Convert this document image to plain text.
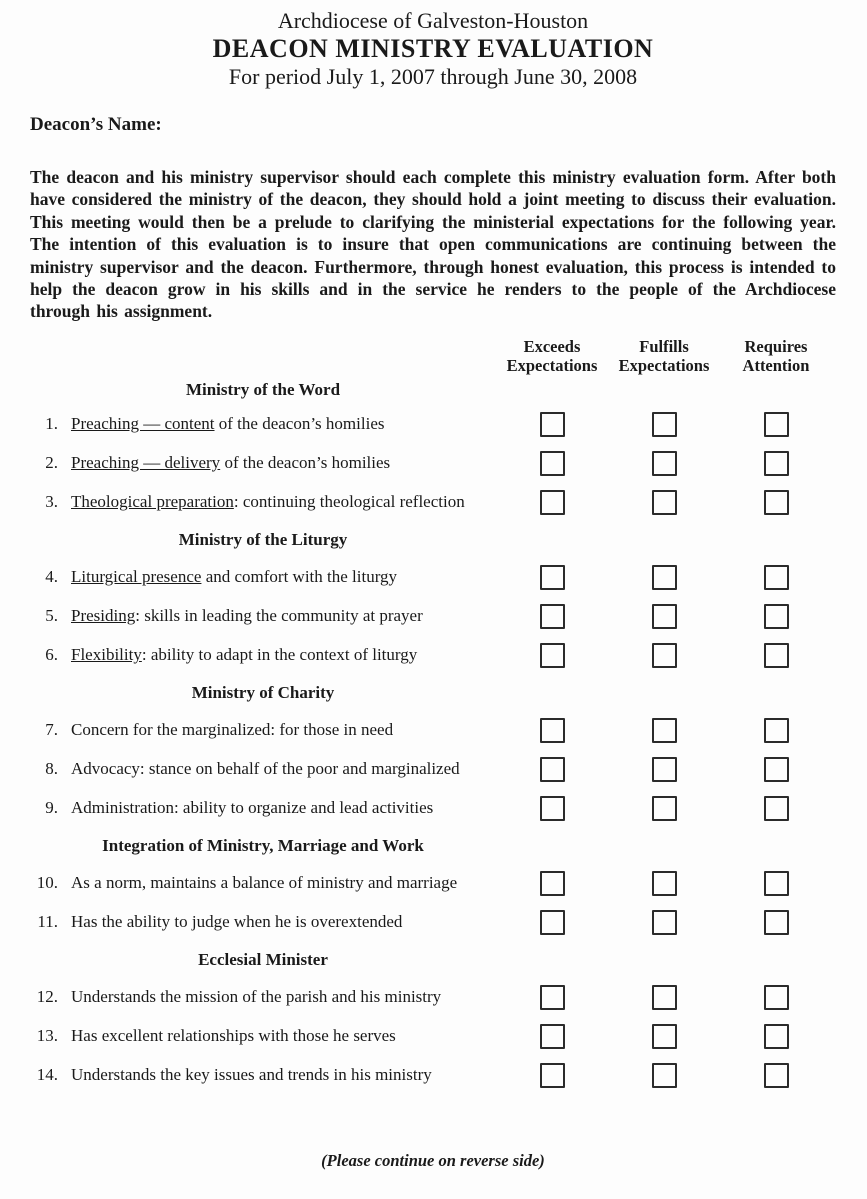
Archdiocese of Galveston-Houston
DEACON MINISTRY EVALUATION
For period July 1, 2007 through June 30, 2008
Deacon’s Name:

The deacon and his ministry supervisor should each complete this ministry evaluation form. After both have considered the ministry of the deacon, they should hold a joint meeting to discuss their evaluation. This meeting would then be a prelude to clarifying the ministerial expectations for the following year. The intention of this evaluation is to insure that open communications are continuing between the ministry supervisor and the deacon. Furthermore, through honest evaluation, this process is intended to help the deacon grow in his skills and in the service he renders to the people of the Archdiocese through his assignment.

Exceeds
Expectations
Fulfills
Expectations
Requires
Attention
Ministry of the Word
1. Preaching — content of the deacon’s homilies
2. Preaching — delivery of the deacon’s homilies
3. Theological preparation: continuing theological reflection
Ministry of the Liturgy
4. Liturgical presence and comfort with the liturgy
5. Presiding: skills in leading the community at prayer
6. Flexibility: ability to adapt in the context of liturgy
Ministry of Charity
7. Concern for the marginalized: for those in need
8. Advocacy: stance on behalf of the poor and marginalized
9. Administration: ability to organize and lead activities
Integration of Ministry, Marriage and Work
10. As a norm, maintains a balance of ministry and marriage
11. Has the ability to judge when he is overextended
Ecclesial Minister
12. Understands the mission of the parish and his ministry
13. Has excellent relationships with those he serves
14. Understands the key issues and trends in his ministry
(Please continue on reverse side)
